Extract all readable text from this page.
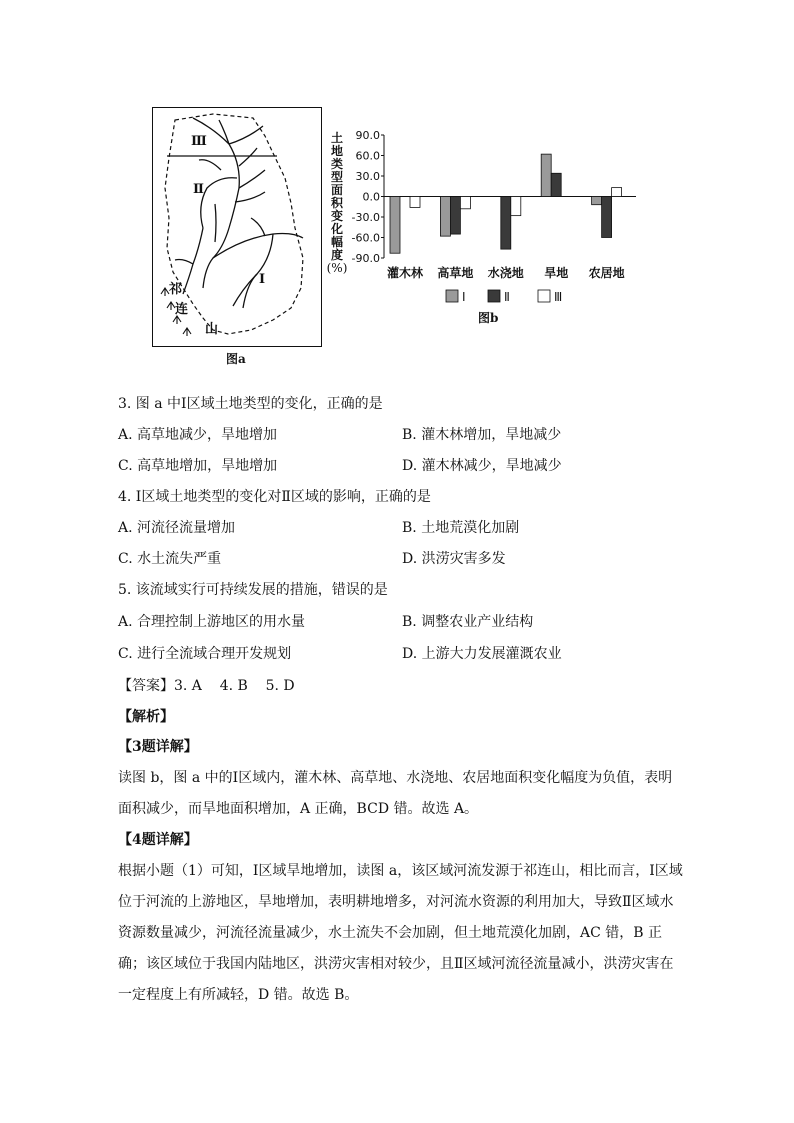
Ⅲ
Ⅱ
Ⅰ
祁
连
山
图a
土
地
类
型
面
积
变
化
幅
度
(%)
90.0
60.0
30.0
0.0
-30.0
-60.0
-90.0
灌木林 高草地 水浇地 旱地 农居地
Ⅰ	Ⅱ	Ⅲ
图b
3. 图 a 中Ⅰ区域土地类型的变化，正确的是
A. 高草地减少，旱地增加	B. 灌木林增加，旱地减少
C. 高草地增加，旱地增加	D. 灌木林减少，旱地减少
4. Ⅰ区域土地类型的变化对Ⅱ区域的影响，正确的是
A. 河流径流量增加	B. 土地荒漠化加剧
C. 水土流失严重	D. 洪涝灾害多发
5. 该流域实行可持续发展的措施，错误的是
A. 合理控制上游地区的用水量	B. 调整农业产业结构
C. 进行全流域合理开发规划	D. 上游大力发展灌溉农业
【答案】3. A    4. B    5. D
【解析】
【3题详解】
读图 b，图 a 中的Ⅰ区域内，灌木林、高草地、水浇地、农居地面积变化幅度为负值，表明面积减少，而旱地面积增加，A 正确，BCD 错。故选 A。
【4题详解】
根据小题（1）可知，Ⅰ区域旱地增加，读图 a，该区域河流发源于祁连山，相比而言，Ⅰ区域位于河流的上游地区，旱地增加，表明耕地增多，对河流水资源的利用加大，导致Ⅱ区域水资源数量减少，河流径流量减少，水土流失不会加剧，但土地荒漠化加剧，AC 错，B 正确；该区域位于我国内陆地区，洪涝灾害相对较少，且Ⅱ区域河流径流量减小，洪涝灾害在一定程度上有所减轻，D 错。故选 B。
